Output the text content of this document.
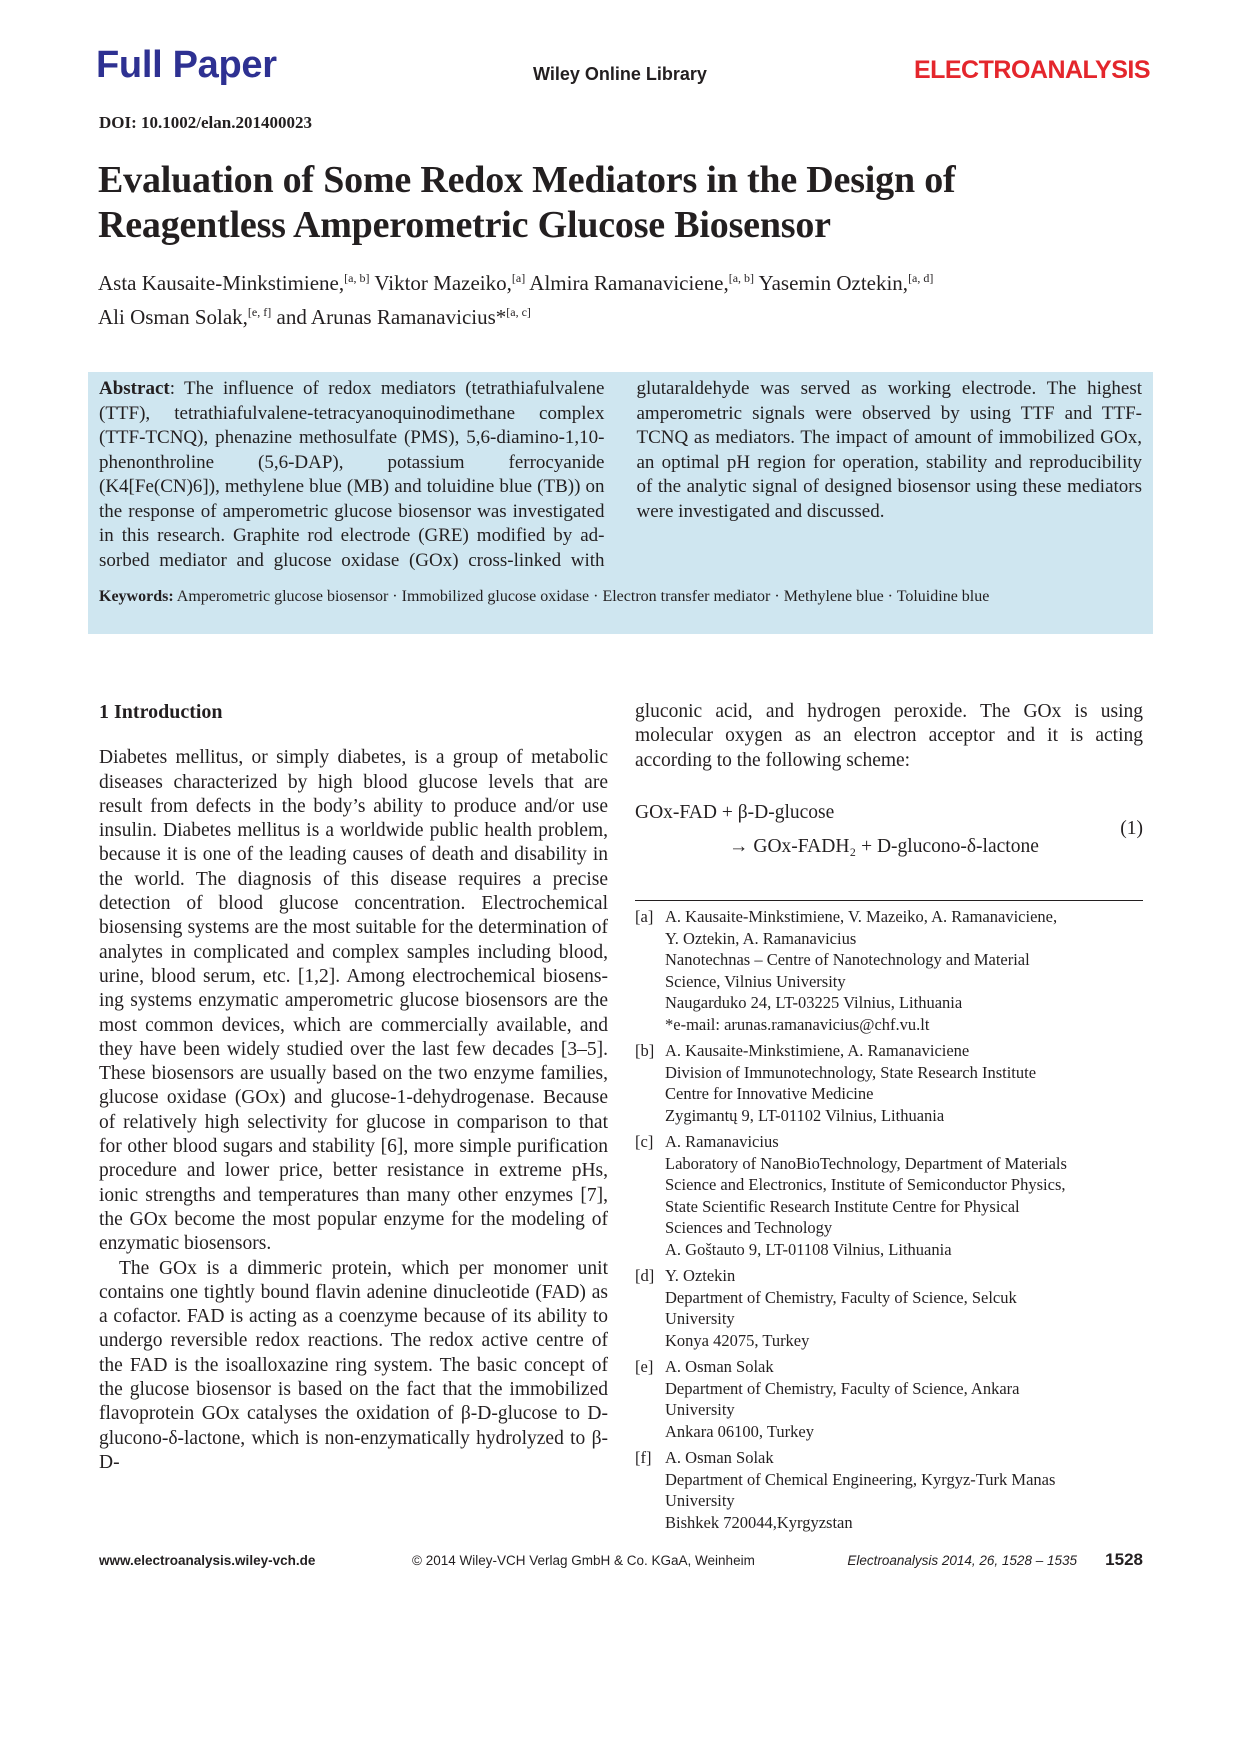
Full Paper	Wiley Online Library	ELECTROANALYSIS
DOI: 10.1002/elan.201400023
Evaluation of Some Redox Mediators in the Design of
Reagentless Amperometric Glucose Biosensor
Asta Kausaite-Minkstimiene,[a, b] Viktor Mazeiko,[a] Almira Ramanaviciene,[a, b] Yasemin Oztekin,[a, d]
Ali Osman Solak,[e, f] and Arunas Ramanavicius*[a, c]
Abstract: The influence of redox mediators (tetrathiafulvalene (TTF), tetrathiafulvalene-tetracyanoquinodimethane complex (TTF-TCNQ), phenazine methosulfate (PMS), 5,6-diamino-1,10-phenonthroline (5,6-DAP), potassium ferrocyanide (K4[Fe(CN)6]), methylene blue (MB) and toluidine blue (TB)) on the response of amperometric glucose biosensor was investigated in this research. Graphite rod electrode (GRE) modified by adsorbed mediator and glucose oxidase (GOx) cross-linked with glutaraldehyde was served as working electrode. The highest amperometric signals were observed by using TTF and TTF-TCNQ as mediators. The impact of amount of immobilized GOx, an optimal pH region for operation, stability and reproducibility of the analytic signal of designed biosensor using these mediators were investigated and discussed.
Keywords: Amperometric glucose biosensor · Immobilized glucose oxidase · Electron transfer mediator · Methylene blue · Toluidine blue
1 Introduction

Diabetes mellitus, or simply diabetes, is a group of metabolic diseases characterized by high blood glucose levels that are result from defects in the body’s ability to produce and/or use insulin. Diabetes mellitus is a worldwide public health problem, because it is one of the leading causes of death and disability in the world. The diagnosis of this disease requires a precise detection of blood glucose concentration. Electrochemical biosensing systems are the most suitable for the determination of analytes in complicated and complex samples including blood, urine, blood serum, etc. [1,2]. Among electrochemical biosensing systems enzymatic amperometric glucose biosensors are the most common devices, which are commercially available, and they have been widely studied over the last few decades [3–5]. These biosensors are usually based on the two enzyme families, glucose oxidase (GOx) and glucose-1-dehydrogenase. Because of relatively high selectivity for glucose in comparison to that for other blood sugars and stability [6], more simple purification procedure and lower price, better resistance in extreme pHs, ionic strengths and temperatures than many other enzymes [7], the GOx become the most popular enzyme for the modeling of enzymatic biosensors.

The GOx is a dimmeric protein, which per monomer unit contains one tightly bound flavin adenine dinucleotide (FAD) as a cofactor. FAD is acting as a coenzyme because of its ability to undergo reversible redox reactions. The redox active centre of the FAD is the isoalloxazine ring system. The basic concept of the glucose biosensor is based on the fact that the immobilized flavoprotein GOx catalyses the oxidation of β-D-glucose to D-glucono-δ-lactone, which is non-enzymatically hydrolyzed to β-D-

gluconic acid, and hydrogen peroxide. The GOx is using molecular oxygen as an electron acceptor and it is acting according to the following scheme:

GOx-FAD + β-D-glucose
→ GOx-FADH₂ + D-glucono-δ-lactone
(1)
[a] A. Kausaite-Minkstimiene, V. Mazeiko, A. Ramanaviciene,
Y. Oztekin, A. Ramanavicius
Nanotechnas – Centre of Nanotechnology and Material
Science, Vilnius University
Naugarduko 24, LT-03225 Vilnius, Lithuania
*e-mail: arunas.ramanavicius@chf.vu.lt
[b] A. Kausaite-Minkstimiene, A. Ramanaviciene
Division of Immunotechnology, State Research Institute
Centre for Innovative Medicine
Zygimantų 9, LT-01102 Vilnius, Lithuania
[c] A. Ramanavicius
Laboratory of NanoBioTechnology, Department of Materials
Science and Electronics, Institute of Semiconductor Physics,
State Scientific Research Institute Centre for Physical
Sciences and Technology
A. Goštauto 9, LT-01108 Vilnius, Lithuania
[d] Y. Oztekin
Department of Chemistry, Faculty of Science, Selcuk
University
Konya 42075, Turkey
[e] A. Osman Solak
Department of Chemistry, Faculty of Science, Ankara
University
Ankara 06100, Turkey
[f] A. Osman Solak
Department of Chemical Engineering, Kyrgyz-Turk Manas
University
Bishkek 720044,Kyrgyzstan
www.electroanalysis.wiley-vch.de	© 2014 Wiley-VCH Verlag GmbH & Co. KGaA, Weinheim	Electroanalysis 2014, 26, 1528 – 1535 1528
